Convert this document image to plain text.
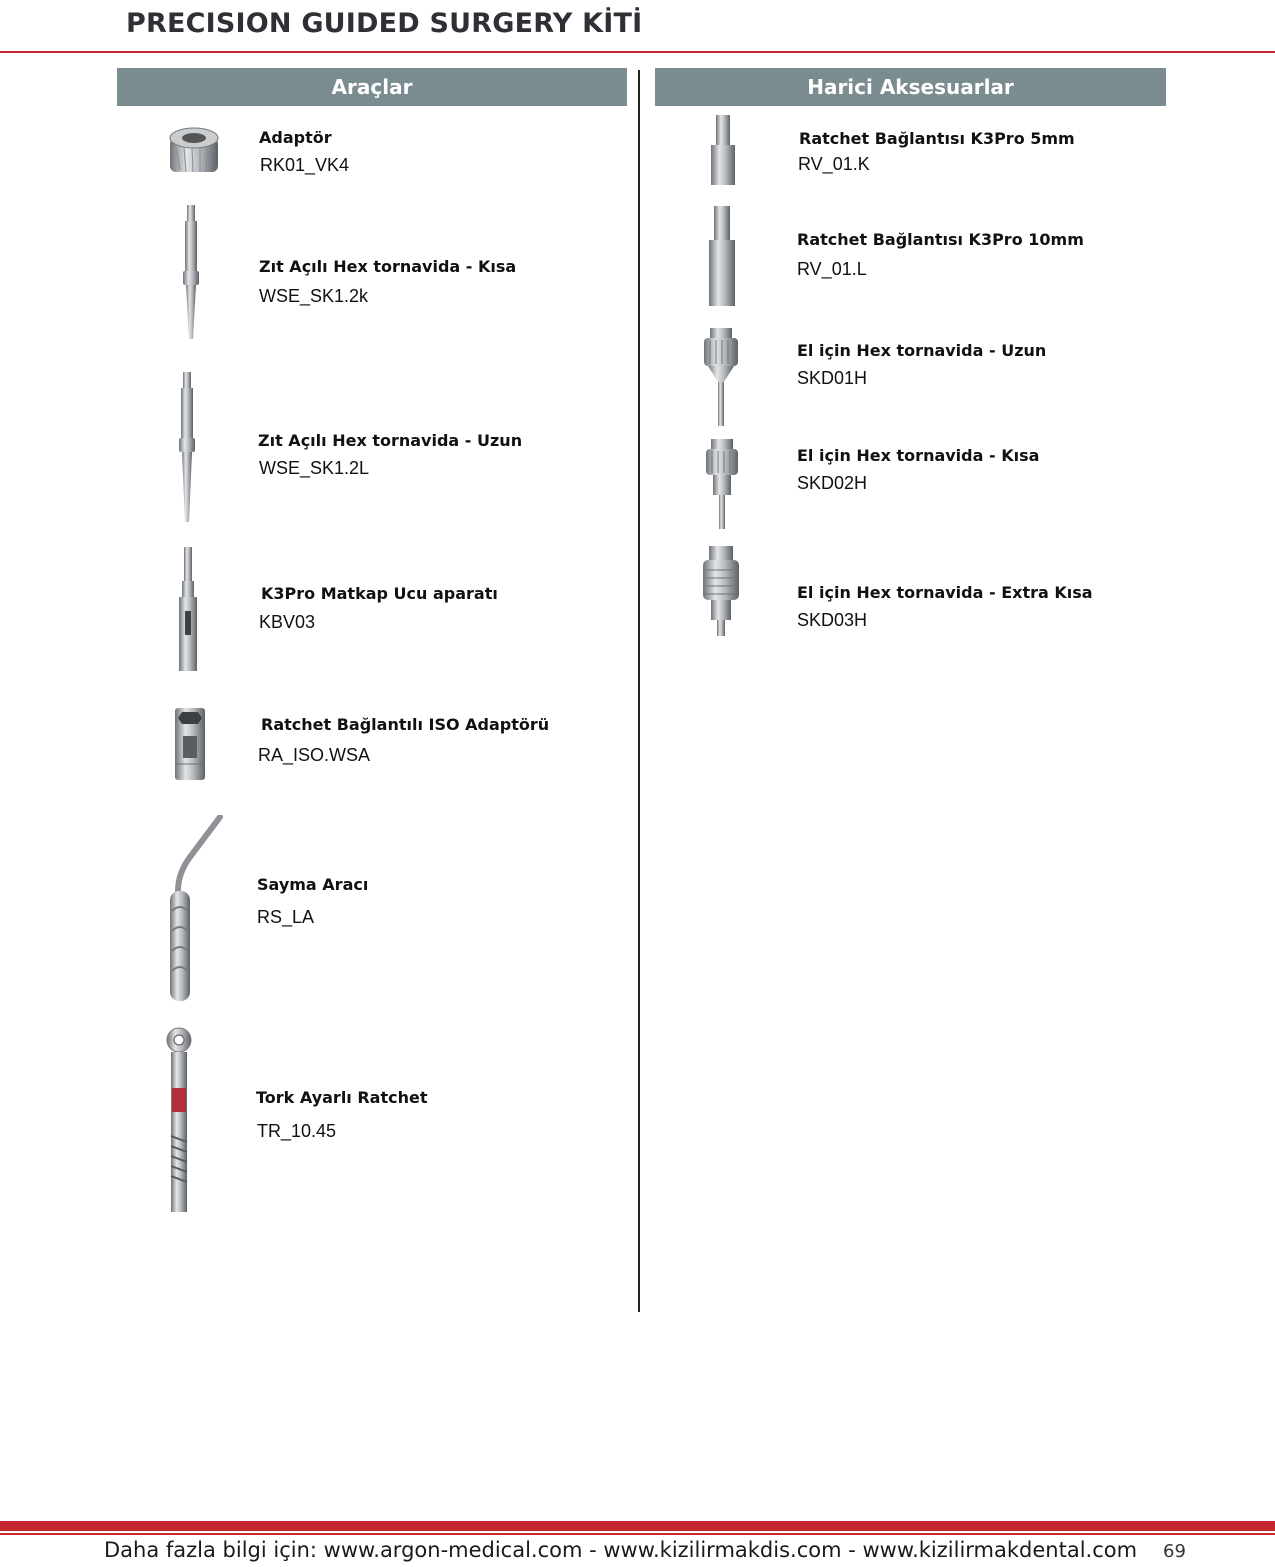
PRECISION GUIDED SURGERY KİTİ
Araçlar	Harici Aksesuarlar
Adaptör
RK01_VK4
Zıt Açılı Hex tornavida - Kısa
WSE_SK1.2k
Zıt Açılı Hex tornavida - Uzun
WSE_SK1.2L
K3Pro Matkap Ucu aparatı
KBV03
Ratchet Bağlantılı ISO Adaptörü
RA_ISO.WSA
Sayma Aracı
RS_LA
Tork Ayarlı Ratchet
TR_10.45
Ratchet Bağlantısı K3Pro 5mm
RV_01.K
Ratchet Bağlantısı K3Pro 10mm
RV_01.L
El için Hex tornavida - Uzun
SKD01H
El için Hex tornavida - Kısa
SKD02H
El için Hex tornavida - Extra Kısa
SKD03H
Daha fazla bilgi için: www.argon-medical.com - www.kizilirmakdis.com - www.kizilirmakdental.com 69
